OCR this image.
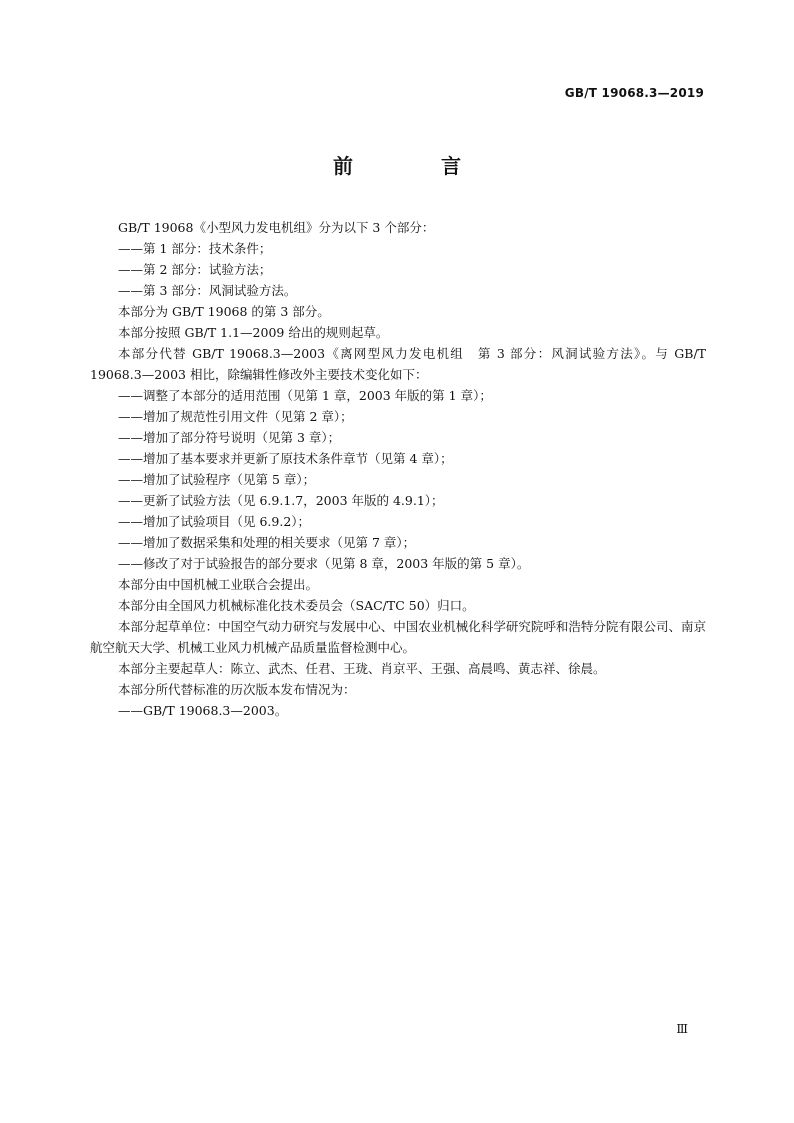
GB/T 19068.3—2019
前　言

GB/T 19068《小型风力发电机组》分为以下 3 个部分：

——第 1 部分：技术条件；

——第 2 部分：试验方法；

——第 3 部分：风洞试验方法。

本部分为 GB/T 19068 的第 3 部分。

本部分按照 GB/T 1.1—2009 给出的规则起草。

本部分代替 GB/T 19068.3—2003《离网型风力发电机组　第 3 部分：风洞试验方法》。与 GB/T 19068.3—2003 相比，除编辑性修改外主要技术变化如下：

——调整了本部分的适用范围（见第 1 章，2003 年版的第 1 章）；

——增加了规范性引用文件（见第 2 章）；

——增加了部分符号说明（见第 3 章）；

——增加了基本要求并更新了原技术条件章节（见第 4 章）；

——增加了试验程序（见第 5 章）；

——更新了试验方法（见 6.9.1.7，2003 年版的 4.9.1）；

——增加了试验项目（见 6.9.2）；

——增加了数据采集和处理的相关要求（见第 7 章）；

——修改了对于试验报告的部分要求（见第 8 章，2003 年版的第 5 章）。

本部分由中国机械工业联合会提出。

本部分由全国风力机械标准化技术委员会（SAC/TC 50）归口。

本部分起草单位：中国空气动力研究与发展中心、中国农业机械化科学研究院呼和浩特分院有限公司、南京航空航天大学、机械工业风力机械产品质量监督检测中心。

本部分主要起草人：陈立、武杰、任君、王珑、肖京平、王强、高晨鸣、黄志祥、徐晨。

本部分所代替标准的历次版本发布情况为：

——GB/T 19068.3—2003。

Ⅲ
